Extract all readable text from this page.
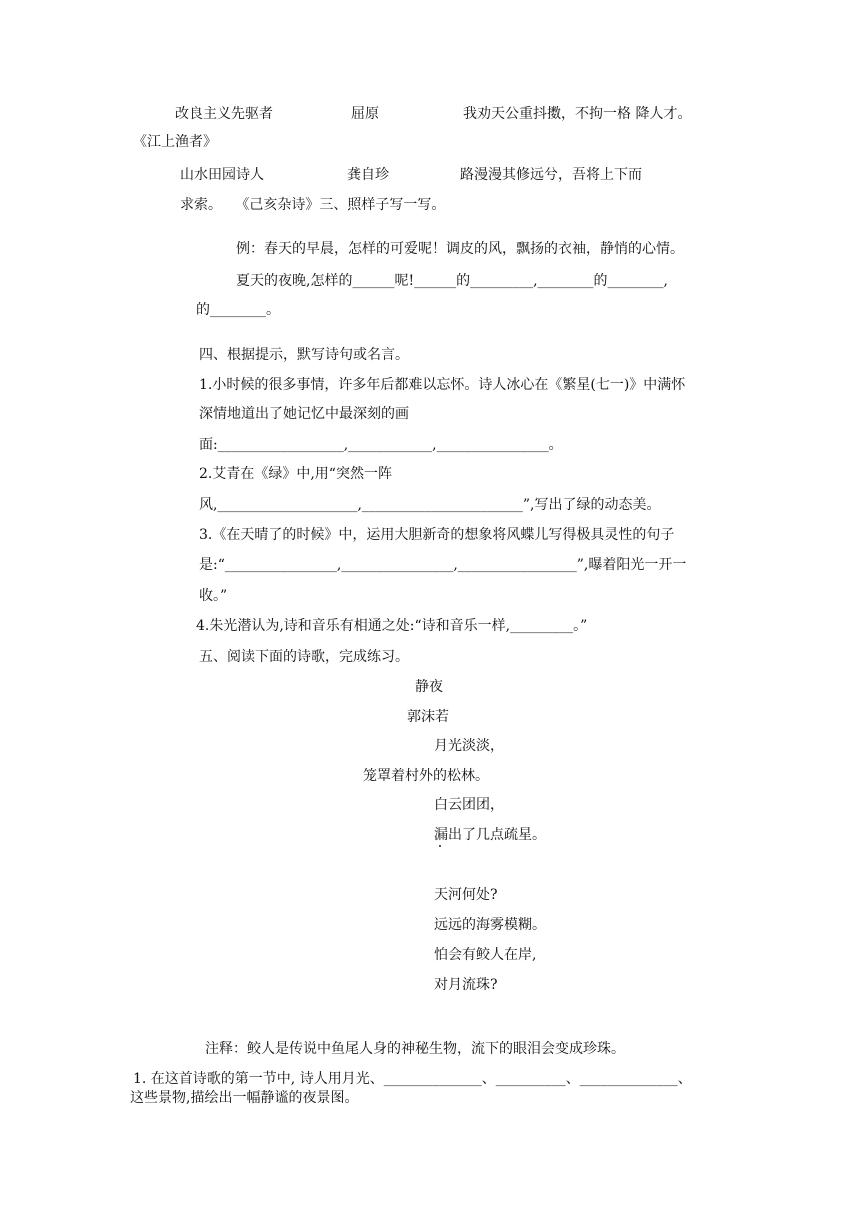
改良主义先驱者	屈原	我劝天公重抖擞，不拘一格 降人才。
《江上渔者》
山水田园诗人	龚自珍	路漫漫其修远兮，吾将上下而
求索。   《己亥杂诗》三、照样子写一写。
例：春天的早晨，怎样的可爱呢！调皮的风，飘扬的衣袖，静悄的心情。
夏天的夜晚,怎样的______呢!______的_________,________的________,
的________。
四、根据提示，默写诗句或名言。
1.小时候的很多事情，许多年后都难以忘怀。诗人冰心在《繁星(七一)》中满怀
深情地道出了她记忆中最深刻的画
面:__________________,____________,________________。
2.艾青在《绿》中,用“突然一阵
风,____________________,_______________________”,写出了绿的动态美。
3.《在天晴了的时候》中，运用大胆新奇的想象将风蝶儿写得极具灵性的句子
是:“________________,________________,_________________”,曝着阳光一开一
收。”
4.朱光潜认为,诗和音乐有相通之处:“诗和音乐一样,_________。”
五、阅读下面的诗歌，完成练习。
静夜
郭沫若
月光淡淡，
笼罩着村外的松林。
白云团团，
漏出了几点疏星。
天河何处?
远远的海雾模糊。
怕会有鲛人在岸,
对月流珠?
注释：鲛人是传说中鱼尾人身的神秘生物，流下的眼泪会变成珍珠。
1. 在这首诗歌的第一节中, 诗人用月光、______________、__________、______________、
这些景物,描绘出一幅静谧的夜景图。
